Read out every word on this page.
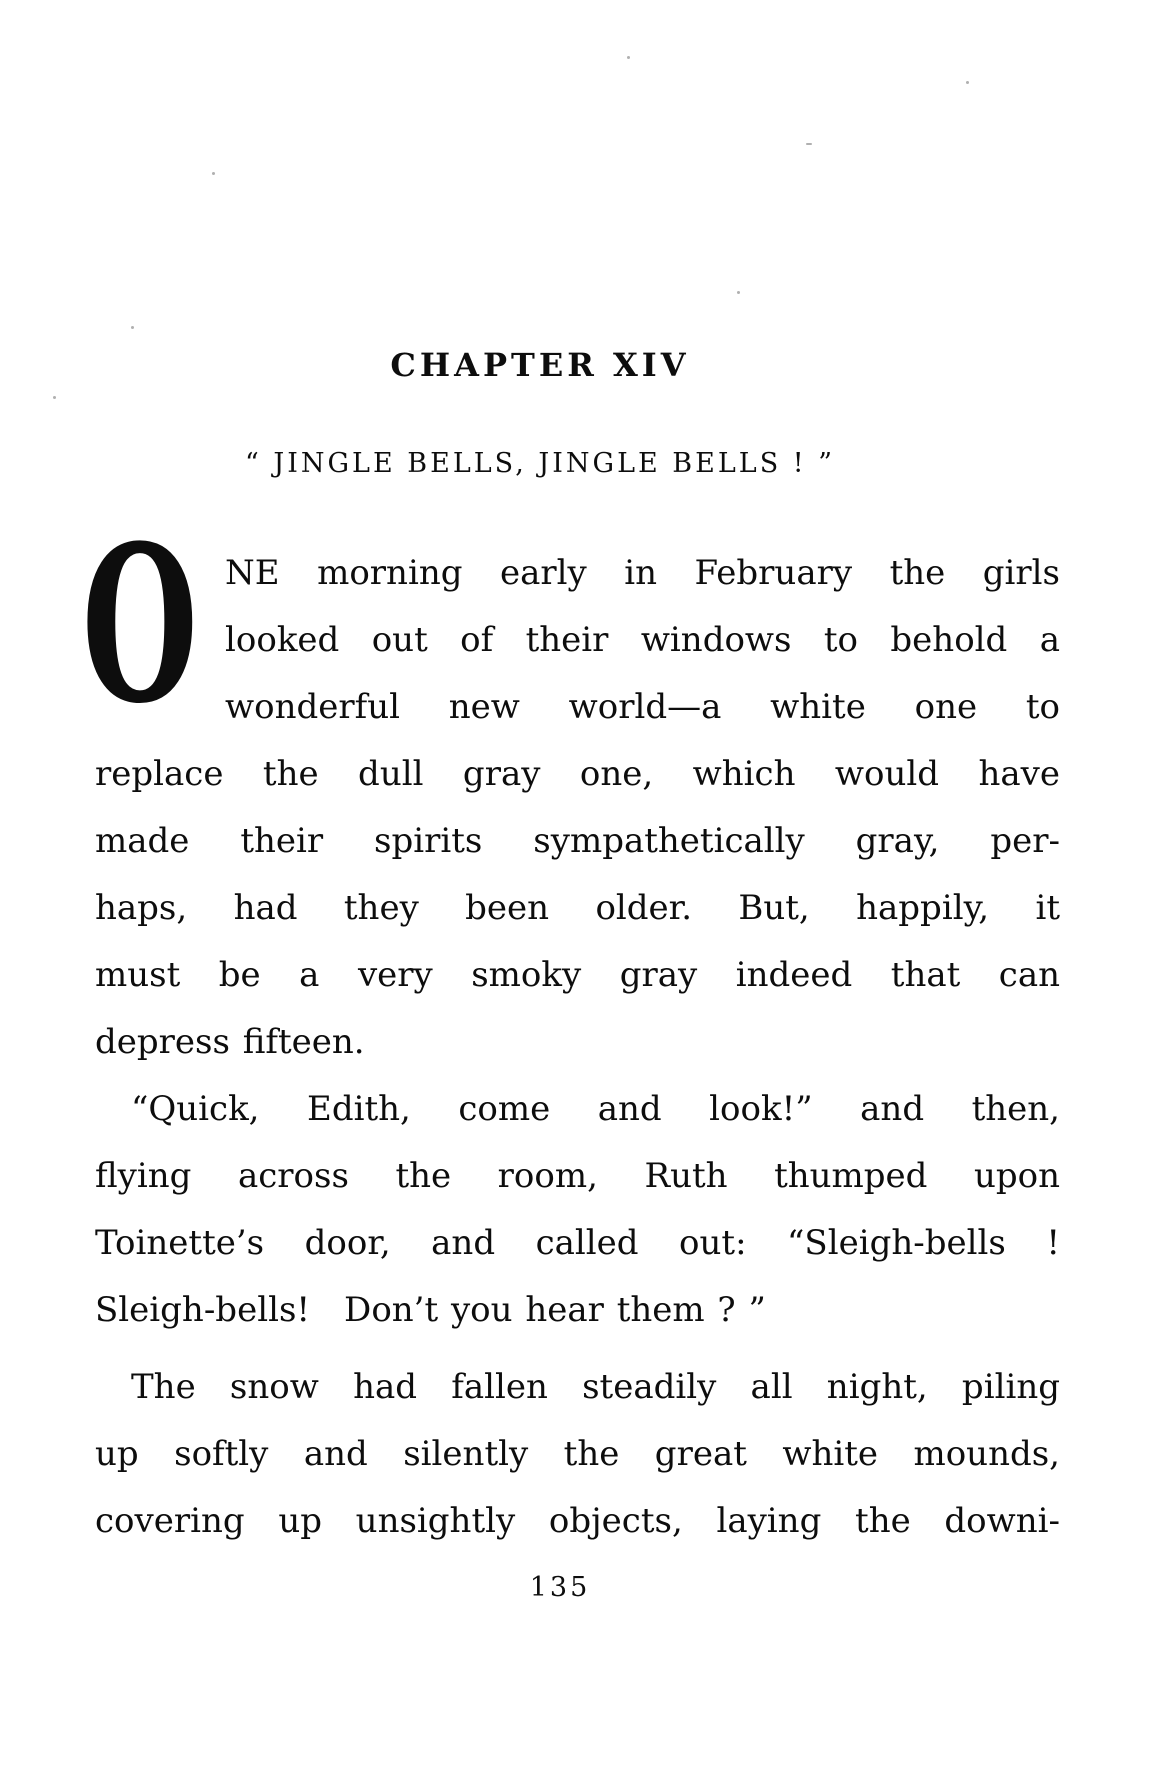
CHAPTER XIV
“ JINGLE BELLS, JINGLE BELLS ! ”
O NE morning early in February the girls
looked out of their windows to behold a
wonderful new world—a white one to
replace the dull gray one, which would have
made their spirits sympathetically gray, per-
haps, had they been older. But, happily, it
must be a very smoky gray indeed that can
depress fifteen.
“Quick, Edith, come and look!” and then,
flying across the room, Ruth thumped upon
Toinette’s door, and called out: “Sleigh-bells !
Sleigh-bells! Don’t you hear them ? ”
The snow had fallen steadily all night, piling
up softly and silently the great white mounds,
covering up unsightly objects, laying the downi-
135
